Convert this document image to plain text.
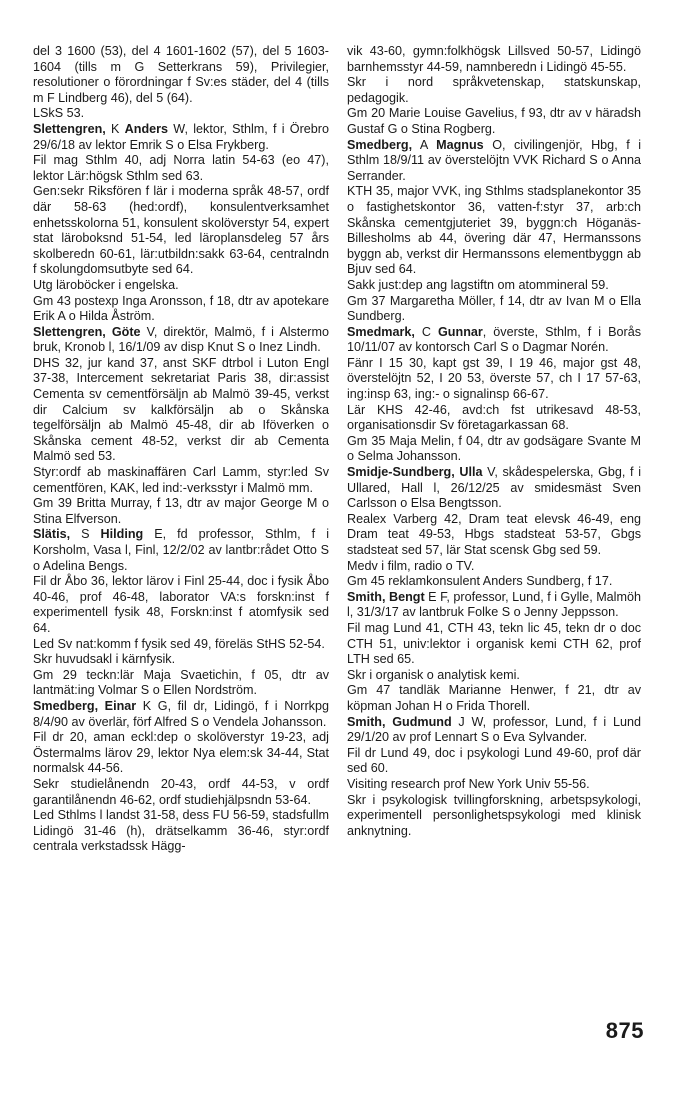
del 3 1600 (53), del 4 1601-1602 (57), del 5 1603-1604 (tills m G Setterkrans 59), Privilegier, resolutioner o förordningar f Sv:es städer, del 4 (tills m F Lindberg 46), del 5 (64).

LSkS 53.

Slettengren, K Anders W, lektor, Sthlm, f i Örebro 29/6/18 av lektor Emrik S o Elsa Frykberg.

Fil mag Sthlm 40, adj Norra latin 54-63 (eo 47), lektor Lär:högsk Sthlm sed 63.

Gen:sekr Riksfören f lär i moderna språk 48-57, ordf där 58-63 (hed:ordf), konsulentverksamhet enhetsskolorna 51, konsulent skolöverstyr 54, expert stat läroboksnd 51-54, led läroplansdeleg 57 års skolberedn 60-61, lär:utbildn:sakk 63-64, centralndn f skolungdomsutbyte sed 64.

Utg läroböcker i engelska.

Gm 43 postexp Inga Aronsson, f 18, dtr av apotekare Erik A o Hilda Åström.

Slettengren, Göte V, direktör, Malmö, f i Alstermo bruk, Kronob l, 16/1/09 av disp Knut S o Inez Lindh.

DHS 32, jur kand 37, anst SKF dtrbol i Luton Engl 37-38, Intercement sekretariat Paris 38, dir:assist Cementa sv cementförsäljn ab Malmö 39-45, verkst dir Calcium sv kalkförsäljn ab o Skånska tegelförsäljn ab Malmö 45-48, dir ab Iföverken o Skånska cement 48-52, verkst dir ab Cementa Malmö sed 53.

Styr:ordf ab maskinaffären Carl Lamm, styr:led Sv cementfören, KAK, led ind:-verksstyr i Malmö mm.

Gm 39 Britta Murray, f 13, dtr av major George M o Stina Elfverson.

Slätis, S Hilding E, fd professor, Sthlm, f i Korsholm, Vasa l, Finl, 12/2/02 av lantbr:rådet Otto S o Adelina Bengs.

Fil dr Åbo 36, lektor lärov i Finl 25-44, doc i fysik Åbo 40-46, prof 46-48, laborator VA:s forskn:inst f experimentell fysik 48, Forskn:inst f atomfysik sed 64.

Led Sv nat:komm f fysik sed 49, föreläs StHS 52-54.

Skr huvudsakl i kärnfysik.

Gm 29 teckn:lär Maja Svaetichin, f 05, dtr av lantmät:ing Volmar S o Ellen Nordström.

Smedberg, Einar K G, fil dr, Lidingö, f i Norrkpg 8/4/90 av överlär, förf Alfred S o Vendela Johansson.

Fil dr 20, aman eckl:dep o skolöverstyr 19-23, adj Östermalms lärov 29, lektor Nya elem:sk 34-44, Stat normalsk 44-56.

Sekr studielånendn 20-43, ordf 44-53, v ordf garantilånendn 46-62, ordf studiehjälpsndn 53-64.

Led Sthlms l landst 31-58, dess FU 56-59, stadsfullm Lidingö 31-46 (h), drätselkamm 36-46, styr:ordf centrala verkstadssk Hägg-

vik 43-60, gymn:folkhögsk Lillsved 50-57, Lidingö barnhemsstyr 44-59, namnberedn i Lidingö 45-55.

Skr i nord språkvetenskap, statskunskap, pedagogik.

Gm 20 Marie Louise Gavelius, f 93, dtr av v häradsh Gustaf G o Stina Rogberg.

Smedberg, A Magnus O, civilingenjör, Hbg, f i Sthlm 18/9/11 av överstelöjtn VVK Richard S o Anna Serrander.

KTH 35, major VVK, ing Sthlms stadsplanekontor 35 o fastighetskontor 36, vatten-f:styr 37, arb:ch Skånska cementgjuteriet 39, byggn:ch Höganäs-Billesholms ab 44, övering där 47, Hermanssons byggn ab, verkst dir Hermanssons elementbyggn ab Bjuv sed 64.

Sakk just:dep ang lagstiftn om atommineral 59.

Gm 37 Margaretha Möller, f 14, dtr av Ivan M o Ella Sundberg.

Smedmark, C Gunnar, överste, Sthlm, f i Borås 10/11/07 av kontorsch Carl S o Dagmar Norén.

Fänr I 15 30, kapt gst 39, I 19 46, major gst 48, överstelöjtn 52, I 20 53, överste 57, ch I 17 57-63, ing:insp 63, ing:- o signalinsp 66-67.

Lär KHS 42-46, avd:ch fst utrikesavd 48-53, organisationsdir Sv företagarkassan 68.

Gm 35 Maja Melin, f 04, dtr av godsägare Svante M o Selma Johansson.

Smidje-Sundberg, Ulla V, skådespelerska, Gbg, f i Ullared, Hall l, 26/12/25 av smidesmäst Sven Carlsson o Elsa Bengtsson.

Realex Varberg 42, Dram teat elevsk 46-49, eng Dram teat 49-53, Hbgs stadsteat 53-57, Gbgs stadsteat sed 57, lär Stat scensk Gbg sed 59.

Medv i film, radio o TV.

Gm 45 reklamkonsulent Anders Sundberg, f 17.

Smith, Bengt E F, professor, Lund, f i Gylle, Malmöh l, 31/3/17 av lantbruk Folke S o Jenny Jeppsson.

Fil mag Lund 41, CTH 43, tekn lic 45, tekn dr o doc CTH 51, univ:lektor i organisk kemi CTH 62, prof LTH sed 65.

Skr i organisk o analytisk kemi.

Gm 47 tandläk Marianne Henwer, f 21, dtr av köpman Johan H o Frida Thorell.

Smith, Gudmund J W, professor, Lund, f i Lund 29/1/20 av prof Lennart S o Eva Sylvander.

Fil dr Lund 49, doc i psykologi Lund 49-60, prof där sed 60.

Visiting research prof New York Univ 55-56.

Skr i psykologisk tvillingforskning, arbetspsykologi, experimentell personlighetspsykologi med klinisk anknytning.

875
